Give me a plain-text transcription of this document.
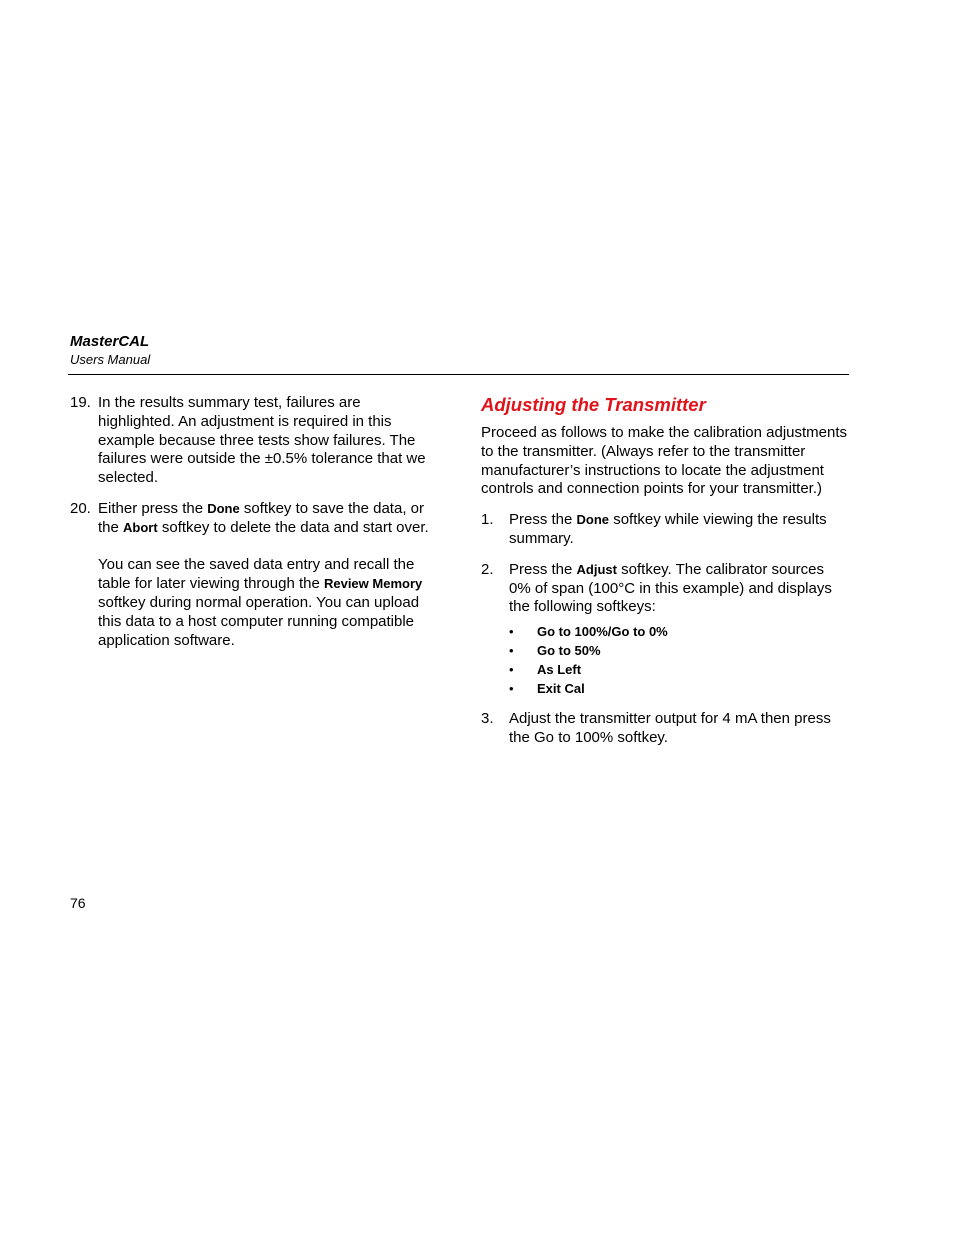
MasterCAL
Users Manual
19. In the results summary test, failures are highlighted. An adjustment is required in this example because three tests show failures. The failures were outside the ±0.5% tolerance that we selected.

20. Either press the Done softkey to save the data, or the Abort softkey to delete the data and start over.

You can see the saved data entry and recall the table for later viewing through the Review Memory softkey during normal operation. You can upload this data to a host computer running compatible application software.

Adjusting the Transmitter

Proceed as follows to make the calibration adjustments to the transmitter. (Always refer to the transmitter manufacturer’s instructions to locate the adjustment controls and connection points for your transmitter.)

1. Press the Done softkey while viewing the results summary.

2. Press the Adjust softkey. The calibrator sources 0% of span (100°C in this example) and displays the following softkeys:

• Go to 100%/Go to 0%
• Go to 50%
• As Left
• Exit Cal
3. Adjust the transmitter output for 4 mA then press the Go to 100% softkey.

76
